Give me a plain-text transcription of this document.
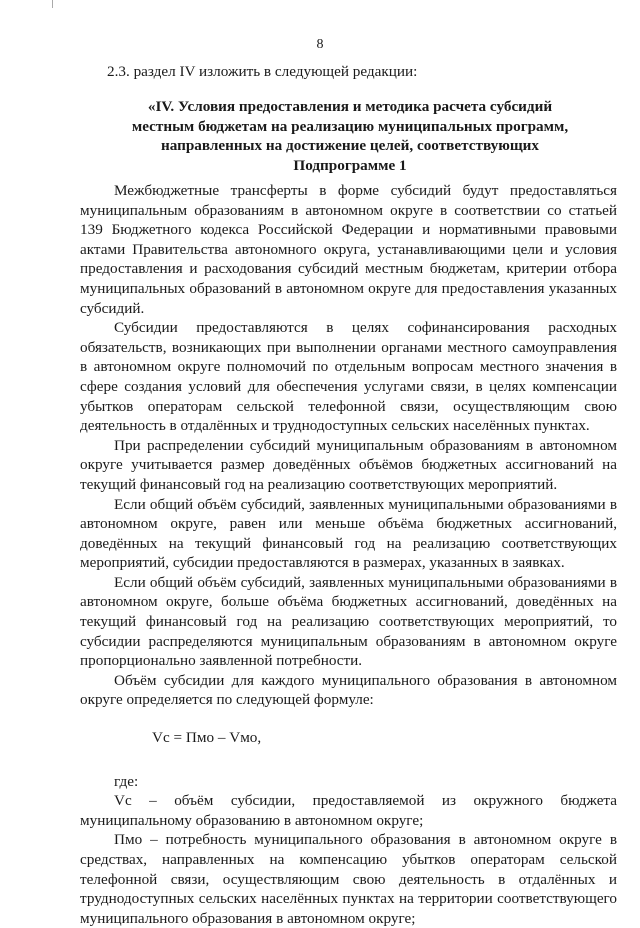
8
2.3. раздел IV изложить в следующей редакции:
«IV. Условия предоставления и методика расчета субсидий
местным бюджетам на реализацию муниципальных программ,
направленных на достижение целей, соответствующих
Подпрограмме 1

Межбюджетные трансферты в форме субсидий будут предоставляться муниципальным образованиям в автономном округе в соответствии со статьей 139 Бюджетного кодекса Российской Федерации и нормативными правовыми актами Правительства автономного округа, устанавливающими цели и условия предоставления и расходования субсидий местным бюджетам, критерии отбора муниципальных образований в автономном округе для предоставления указанных субсидий.

Субсидии предоставляются в целях софинансирования расходных обязательств, возникающих при выполнении органами местного самоуправления в автономном округе полномочий по отдельным вопросам местного значения в сфере создания условий для обеспечения услугами связи, в целях компенсации убытков операторам сельской телефонной связи, осуществляющим свою деятельность в отдалённых и труднодоступных сельских населённых пунктах.

При распределении субсидий муниципальным образованиям в автономном округе учитывается размер доведённых объёмов бюджетных ассигнований на текущий финансовый год на реализацию соответствующих мероприятий.

Если общий объём субсидий, заявленных муниципальными образованиями в автономном округе, равен или меньше объёма бюджетных ассигнований, доведённых на текущий финансовый год на реализацию соответствующих мероприятий, субсидии предоставляются в размерах, указанных в заявках.

Если общий объём субсидий, заявленных муниципальными образованиями в автономном округе, больше объёма бюджетных ассигнований, доведённых на текущий финансовый год на реализацию соответствующих мероприятий, то субсидии распределяются муниципальным образованиям в автономном округе пропорционально заявленной потребности.

Объём субсидии для каждого муниципального образования в автономном округе определяется по следующей формуле:

Vс = Пмо – Vмо,

где:

Vс – объём субсидии, предоставляемой из окружного бюджета муниципальному образованию в автономном округе;

Пмо – потребность муниципального образования в автономном округе в средствах, направленных на компенсацию убытков операторам сельской телефонной связи, осуществляющим свою деятельность в отдалённых и труднодоступных сельских населённых пунктах на территории соответствующего муниципального образования в автономном округе;
